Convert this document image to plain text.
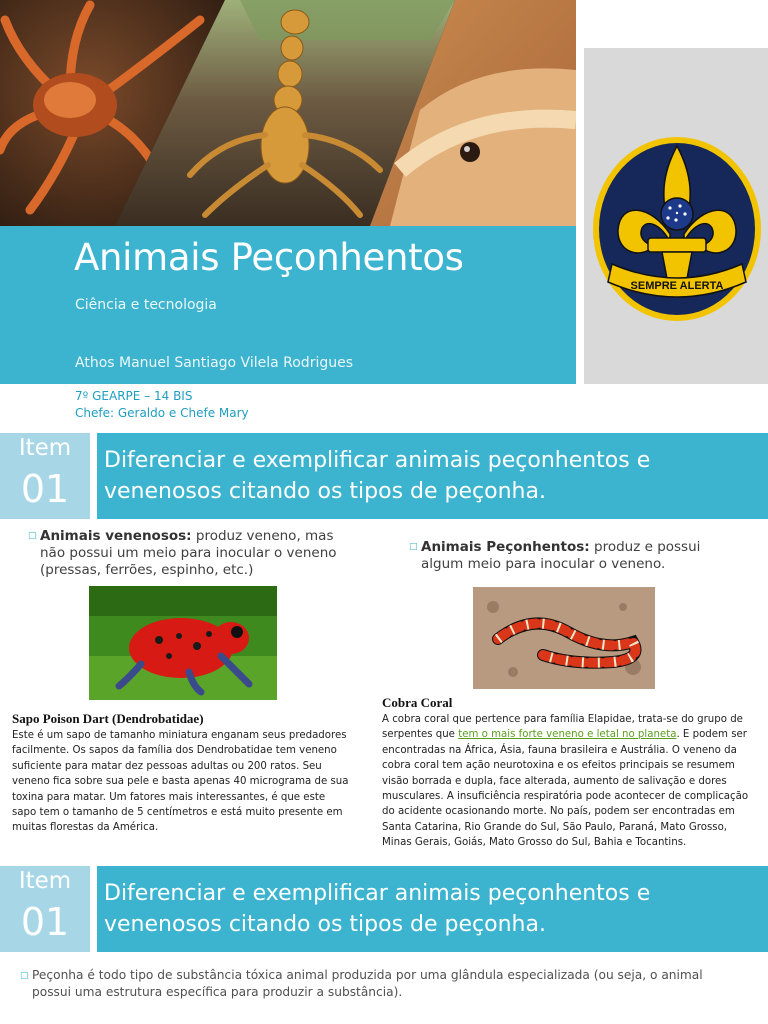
Animais Peçonhentos
Ciência e tecnologia
Athos Manuel Santiago Vilela Rodrigues
7º GEARPE – 14 BIS
Chefe: Geraldo e Chefe Mary
SEMPRE ALERTA
Item
01
Diferenciar e exemplificar animais peçonhentos e
venenosos citando os tipos de peçonha.
□ Animais venenosos: produz veneno, mas
não possui um meio para inocular o veneno
(pressas, ferrões, espinho, etc.)
□ Animais Peçonhentos: produz e possui
algum meio para inocular o veneno.
Sapo Poison Dart (Dendrobatidae)
Este é um sapo de tamanho miniatura enganam seus predadores
facilmente. Os sapos da família dos Dendrobatidae tem veneno
suficiente para matar dez pessoas adultas ou 200 ratos. Seu
veneno fica sobre sua pele e basta apenas 40 micrograma de sua
toxina para matar. Um fatores mais interessantes, é que este
sapo tem o tamanho de 5 centímetros e está muito presente em
muitas florestas da América.
Cobra Coral
A cobra coral que pertence para família Elapidae, trata-se do grupo de
serpentes que tem o mais forte veneno e letal no planeta. E podem ser
encontradas na África, Ásia, fauna brasileira e Austrália. O veneno da
cobra coral tem ação neurotoxina e os efeitos principais se resumem
visão borrada e dupla, face alterada, aumento de salivação e dores
musculares. A insuficiência respiratória pode acontecer de complicação
do acidente ocasionando morte. No país, podem ser encontradas em
Santa Catarina, Rio Grande do Sul, São Paulo, Paraná, Mato Grosso,
Minas Gerais, Goiás, Mato Grosso do Sul, Bahia e Tocantins.
Item
01
Diferenciar e exemplificar animais peçonhentos e
venenosos citando os tipos de peçonha.
□ Peçonha é todo tipo de substância tóxica animal produzida por uma glândula especializada (ou seja, o animal
possui uma estrutura específica para produzir a substância).
